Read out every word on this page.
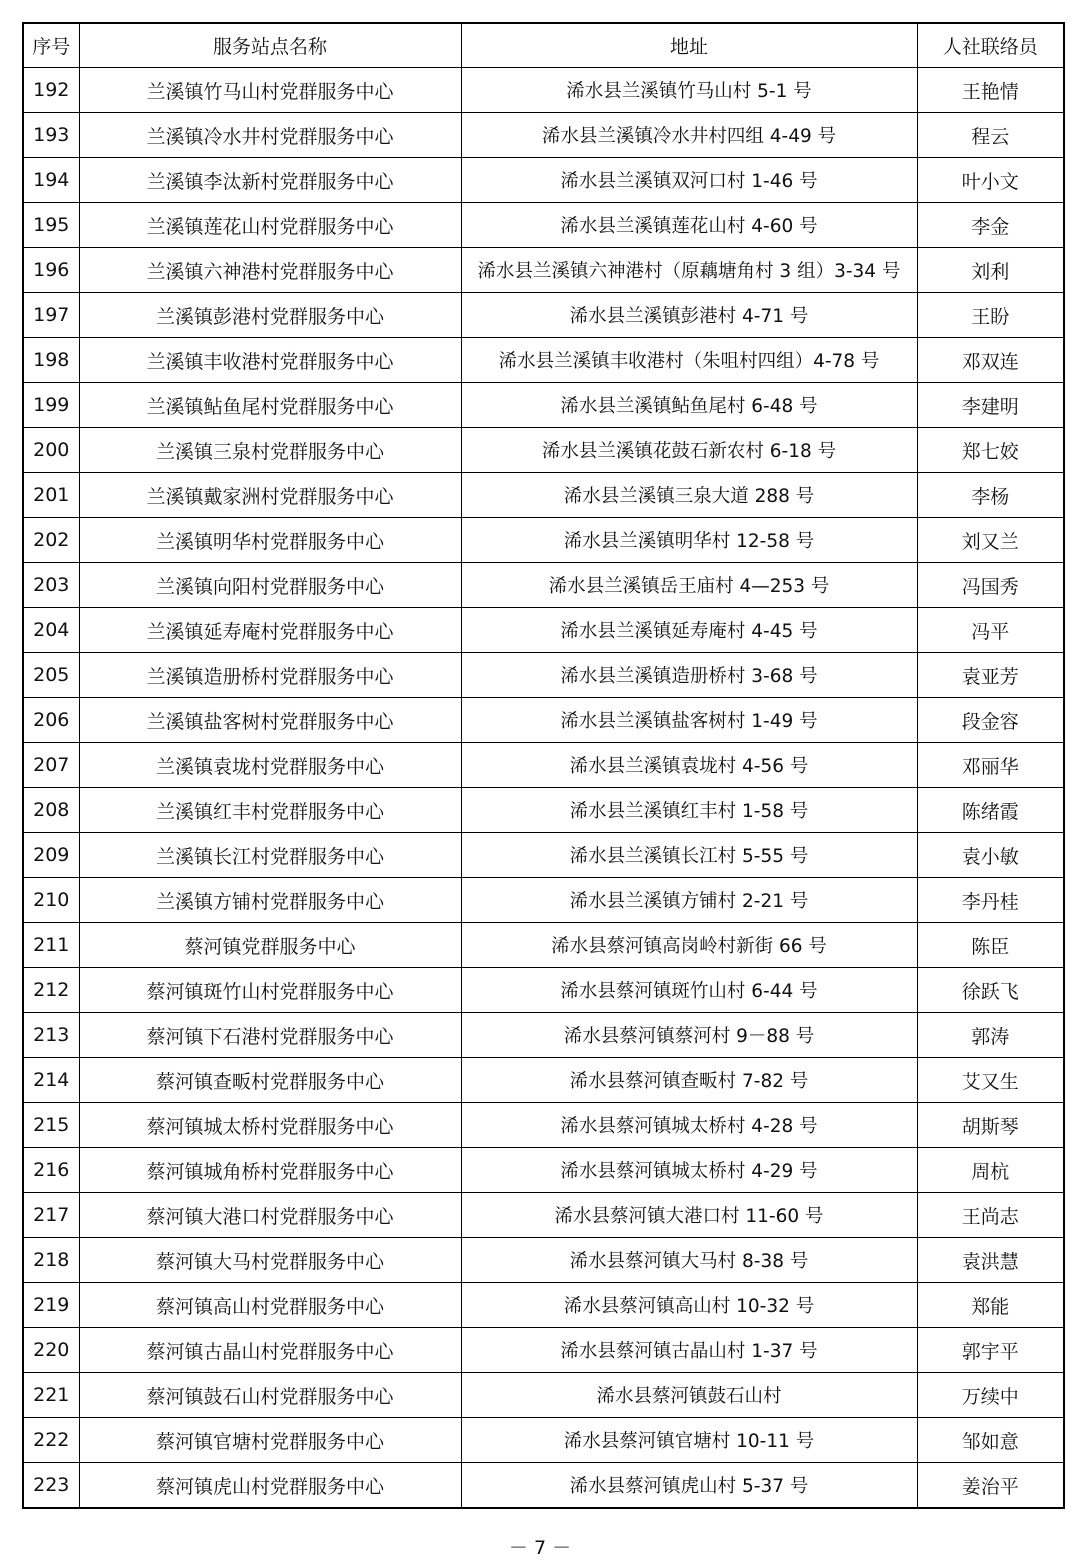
序号	服务站点名称	地址	人社联络员
192	兰溪镇竹马山村党群服务中心	浠水县兰溪镇竹马山村 5-1 号	王艳情
193	兰溪镇冷水井村党群服务中心	浠水县兰溪镇冷水井村四组 4-49 号	程云
194	兰溪镇李汰新村党群服务中心	浠水县兰溪镇双河口村 1-46 号	叶小文
195	兰溪镇莲花山村党群服务中心	浠水县兰溪镇莲花山村 4-60 号	李金
196	兰溪镇六神港村党群服务中心	浠水县兰溪镇六神港村（原藕塘角村 3 组）3-34 号	刘利
197	兰溪镇彭港村党群服务中心	浠水县兰溪镇彭港村 4-71 号	王盼
198	兰溪镇丰收港村党群服务中心	浠水县兰溪镇丰收港村（朱咀村四组）4-78 号	邓双连
199	兰溪镇鲇鱼尾村党群服务中心	浠水县兰溪镇鲇鱼尾村 6-48 号	李建明
200	兰溪镇三泉村党群服务中心	浠水县兰溪镇花鼓石新农村 6-18 号	郑七姣
201	兰溪镇戴家洲村党群服务中心	浠水县兰溪镇三泉大道 288 号	李杨
202	兰溪镇明华村党群服务中心	浠水县兰溪镇明华村 12-58 号	刘又兰
203	兰溪镇向阳村党群服务中心	浠水县兰溪镇岳王庙村 4—253 号	冯国秀
204	兰溪镇延寿庵村党群服务中心	浠水县兰溪镇延寿庵村 4-45 号	冯平
205	兰溪镇造册桥村党群服务中心	浠水县兰溪镇造册桥村 3-68 号	袁亚芳
206	兰溪镇盐客树村党群服务中心	浠水县兰溪镇盐客树村 1-49 号	段金容
207	兰溪镇袁垅村党群服务中心	浠水县兰溪镇袁垅村 4-56 号	邓丽华
208	兰溪镇红丰村党群服务中心	浠水县兰溪镇红丰村 1-58 号	陈绪霞
209	兰溪镇长江村党群服务中心	浠水县兰溪镇长江村 5-55 号	袁小敏
210	兰溪镇方铺村党群服务中心	浠水县兰溪镇方铺村 2-21 号	李丹桂
211	蔡河镇党群服务中心	浠水县蔡河镇高岗岭村新街 66 号	陈臣
212	蔡河镇斑竹山村党群服务中心	浠水县蔡河镇斑竹山村 6-44 号	徐跃飞
213	蔡河镇下石港村党群服务中心	浠水县蔡河镇蔡河村 9－88 号	郭涛
214	蔡河镇查畈村党群服务中心	浠水县蔡河镇查畈村 7-82 号	艾又生
215	蔡河镇城太桥村党群服务中心	浠水县蔡河镇城太桥村 4-28 号	胡斯琴
216	蔡河镇城角桥村党群服务中心	浠水县蔡河镇城太桥村 4-29 号	周杭
217	蔡河镇大港口村党群服务中心	浠水县蔡河镇大港口村 11-60 号	王尚志
218	蔡河镇大马村党群服务中心	浠水县蔡河镇大马村 8-38 号	袁洪慧
219	蔡河镇高山村党群服务中心	浠水县蔡河镇高山村 10-32 号	郑能
220	蔡河镇古晶山村党群服务中心	浠水县蔡河镇古晶山村 1-37 号	郭宇平
221	蔡河镇鼓石山村党群服务中心	浠水县蔡河镇鼓石山村	万续中
222	蔡河镇官塘村党群服务中心	浠水县蔡河镇官塘村 10-11 号	邹如意
223	蔡河镇虎山村党群服务中心	浠水县蔡河镇虎山村 5-37 号	姜治平
－ 7 －
